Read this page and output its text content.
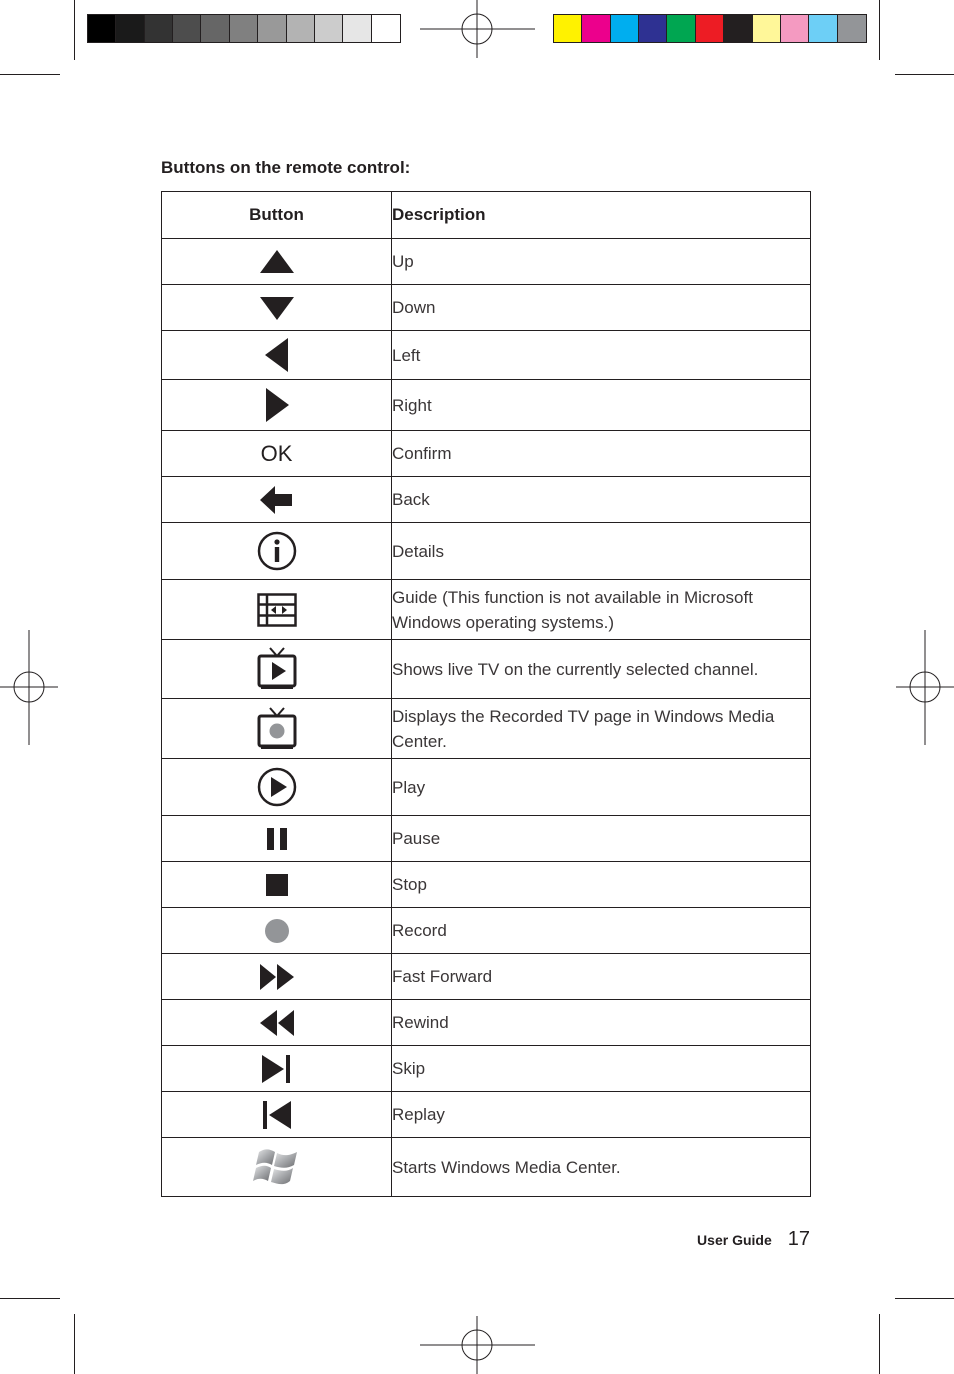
Buttons on the remote control:
Button	Description

	Up

	Down

	Left

	Right
OK	Confirm

	Back

	Details

	Guide (This function is not available in Microsoft Windows operating systems.)

	Shows live TV on the currently selected channel.

	Displays the Recorded TV page in Windows Media Center.

	Play

	Pause

	Stop

	Record

	Fast Forward

	Rewind

	Skip

	Replay

	Starts Windows Media Center.
User Guide 17
